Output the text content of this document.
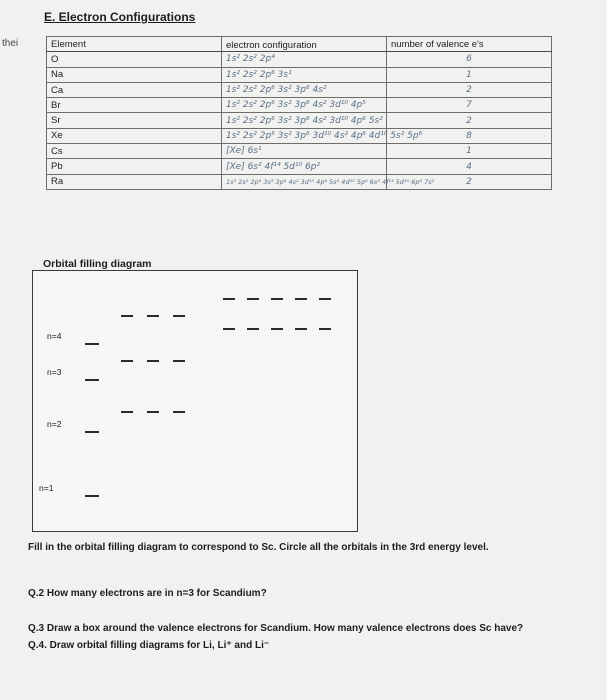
E. Electron Configurations
thei	Element	electron configuration	number of valence e's
O	1s² 2s² 2p⁴	6
Na	1s² 2s² 2p⁶ 3s¹	1
Ca	1s² 2s² 2p⁶ 3s² 3p⁶ 4s²	2
Br	1s² 2s² 2p⁶ 3s² 3p⁶ 4s² 3d¹⁰ 4p⁵	7
Sr	1s² 2s² 2p⁶ 3s² 3p⁶ 4s² 3d¹⁰ 4p⁶ 5s²	2
Xe	1s² 2s² 2p⁶ 3s² 3p⁶ 3d¹⁰ 4s² 4p⁶ 4d¹⁰ 5s² 5p⁶	8
Cs	[Xe] 6s¹	1
Pb	[Xe] 6s² 4f¹⁴ 5d¹⁰ 6p²	4
Ra	1s² 2s² 2p⁶ 3s² 3p⁶ 4s² 3d¹⁰ 4p⁶ 5s² 4d¹⁰ 5p⁶ 6s² 4f¹⁴ 5d¹⁰ 6p⁶ 7s²	2
Orbital filling diagram
n=4
n=3
n=2
n=1
Fill in the orbital filling diagram to correspond to Sc. Circle all the orbitals in the 3rd energy level.
Q.2 How many electrons are in n=3 for Scandium?
Q.3 Draw a box around the valence electrons for Scandium. How many valence electrons does Sc have?
Q.4. Draw orbital filling diagrams for Li, Li⁺ and Li⁻
